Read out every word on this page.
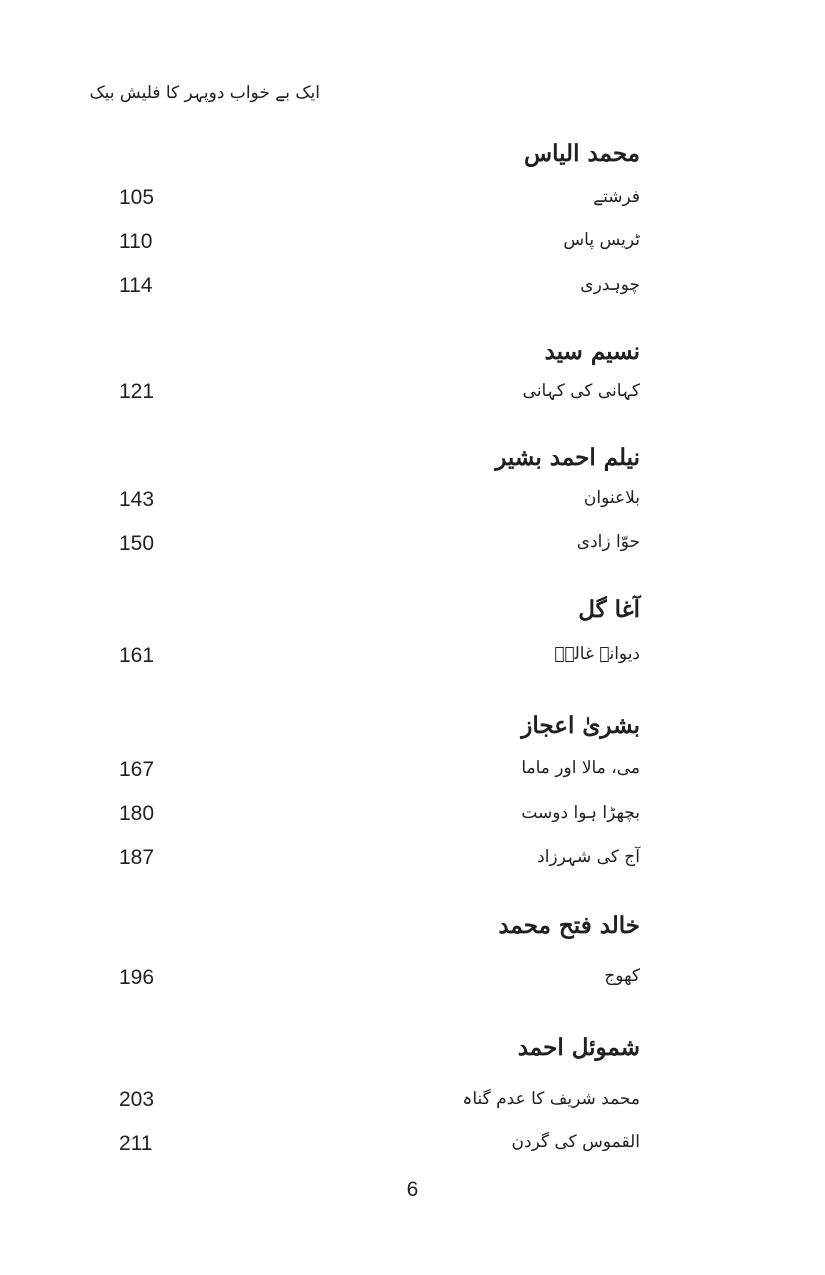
ایک بے خواب دوپہر کا فلیش بیک
محمد الیاس
فرشتے
105
ٹریس پاس
110
چوہدری
114
نسیم سید
کہانی کی کہانی
121
نیلم احمد بشیر
بلاعنوان
143
حوّا زادی
150
آغا گل
دیوانے غالبؔ
161
بشریٰ اعجاز
می، مالا اور ماما
167
بچھڑا ہوا دوست
180
آج کی شہرزاد
187
خالد فتح محمد
کھوج
196
شموئل احمد
محمد شریف کا عدم گناہ
203
القموس کی گردن
211
6
